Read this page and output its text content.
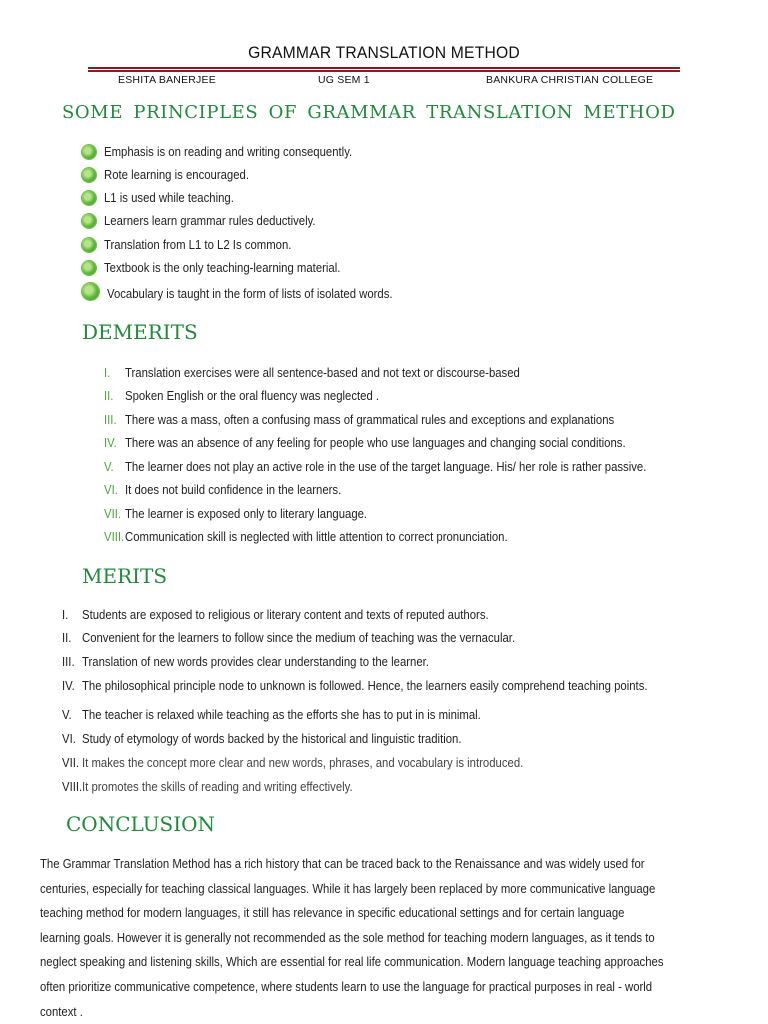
GRAMMAR TRANSLATION METHOD
ESHITA BANERJEE	UG SEM 1	BANKURA CHRISTIAN COLLEGE
SOME PRINCIPLES OF GRAMMAR TRANSLATION METHOD
Emphasis is on reading and writing consequently.
Rote learning is encouraged.
L1 is used while teaching.
Learners learn grammar rules deductively.
Translation from L1 to L2 Is common.
Textbook is the only teaching-learning material.
Vocabulary is taught in the form of lists of isolated words.
DEMERITS
I. Translation exercises were all sentence-based and not text or discourse-based
II. Spoken English or the oral fluency was neglected .
III. There was a mass, often a confusing mass of grammatical rules and exceptions and explanations
IV. There was an absence of any feeling for people who use languages and changing social conditions.
V. The learner does not play an active role in the use of the target language. His/ her role is rather passive.
VI. It does not build confidence in the learners.
VII. The learner is exposed only to literary language.
VIII. Communication skill is neglected with little attention to correct pronunciation.
MERITS
I. Students are exposed to religious or literary content and texts of reputed authors.
II. Convenient for the learners to follow since the medium of teaching was the vernacular.
III. Translation of new words provides clear understanding to the learner.
IV. The philosophical principle node to unknown is followed. Hence, the learners easily comprehend teaching points.
V. The teacher is relaxed while teaching as the efforts she has to put in is minimal.
VI. Study of etymology of words backed by the historical and linguistic tradition.
VII. It makes the concept more clear and new words, phrases, and vocabulary is introduced.
VIII. It promotes the skills of reading and writing effectively.
CONCLUSION
The Grammar Translation Method has a rich history that can be traced back to the Renaissance and was widely used for
centuries, especially for teaching classical languages. While it has largely been replaced by more communicative language
teaching method for modern languages, it still has relevance in specific educational settings and for certain language
learning goals. However it is generally not recommended as the sole method for teaching modern languages, as it tends to
neglect speaking and listening skills, Which are essential for real life communication. Modern language teaching approaches
often prioritize communicative competence, where students learn to use the language for practical purposes in real - world
context .
